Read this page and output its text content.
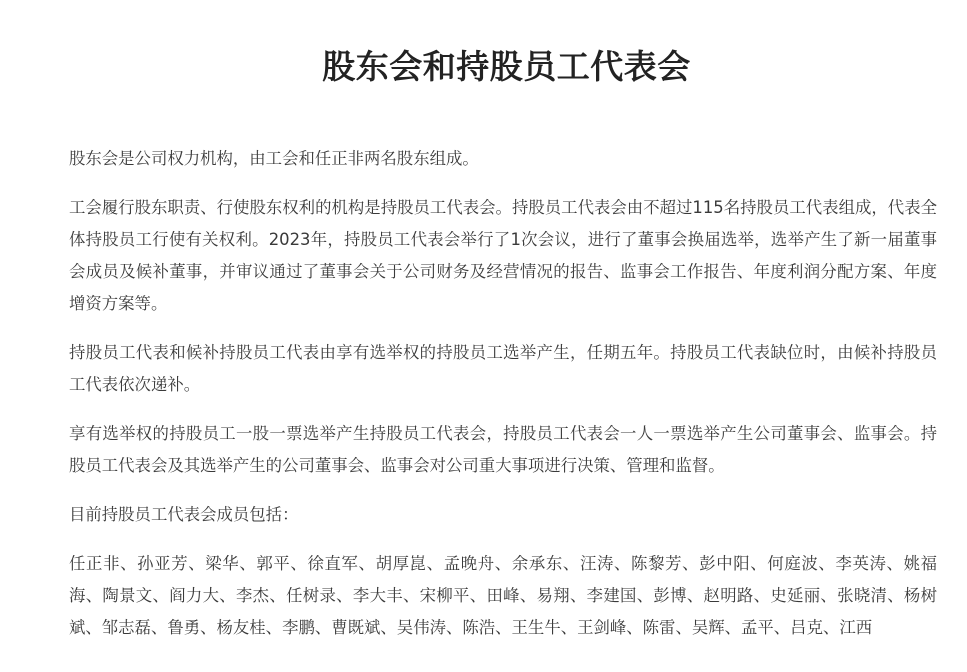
股东会和持股员工代表会

股东会是公司权力机构，由工会和任正非两名股东组成。

工会履行股东职责、行使股东权利的机构是持股员工代表会。持股员工代表会由不超过115名持股员工代表组成，代表全体持股员工行使有关权利。2023年，持股员工代表会举行了1次会议，进行了董事会换届选举，选举产生了新一届董事会成员及候补董事，并审议通过了董事会关于公司财务及经营情况的报告、监事会工作报告、年度利润分配方案、年度增资方案等。

持股员工代表和候补持股员工代表由享有选举权的持股员工选举产生，任期五年。持股员工代表缺位时，由候补持股员工代表依次递补。

享有选举权的持股员工一股一票选举产生持股员工代表会，持股员工代表会一人一票选举产生公司董事会、监事会。持股员工代表会及其选举产生的公司董事会、监事会对公司重大事项进行决策、管理和监督。

目前持股员工代表会成员包括：

任正非、孙亚芳、梁华、郭平、徐直军、胡厚崑、孟晚舟、余承东、汪涛、陈黎芳、彭中阳、何庭波、李英涛、姚福海、陶景文、阎力大、李杰、任树录、李大丰、宋柳平、田峰、易翔、李建国、彭博、赵明路、史延丽、张晓清、杨树斌、邹志磊、鲁勇、杨友桂、李鹏、曹既斌、吴伟涛、陈浩、王生牛、王剑峰、陈雷、吴辉、孟平、吕克、江西
